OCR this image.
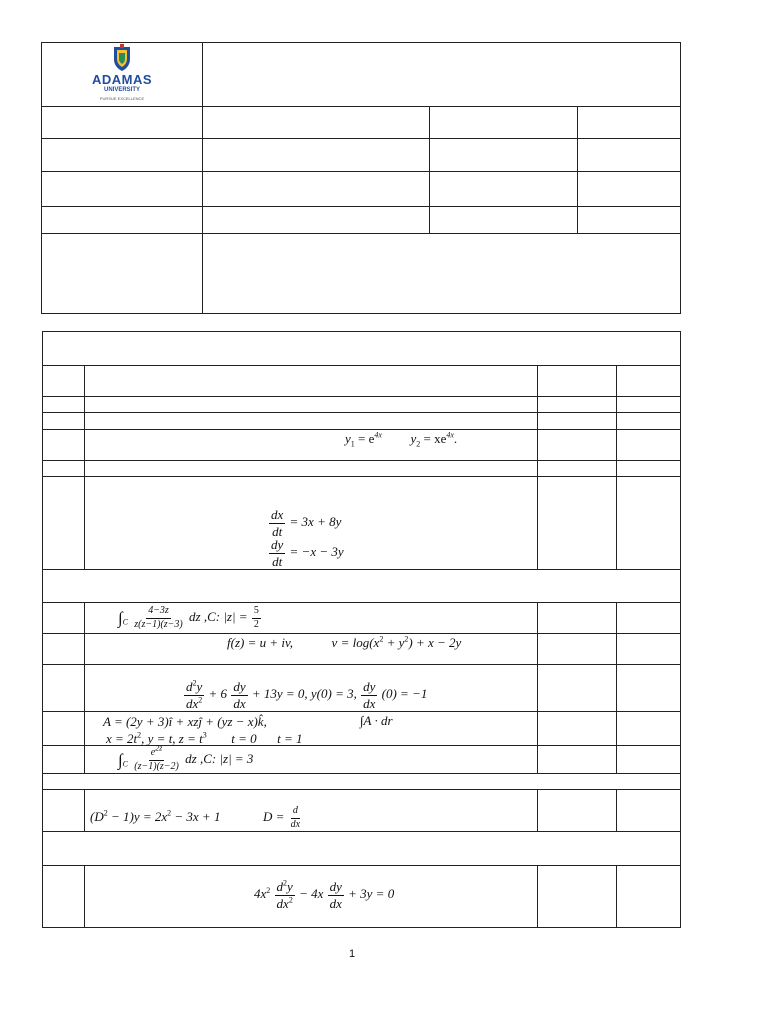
ADAMAS
UNIVERSITY
PURSUE EXCELLENCE
$y_1 = e^{4x}$ $y_2 = xe^{4x}$.
$\frac{dx}{dt} = 3x + 8y$
$\frac{dy}{dt} = -x - 3y$
$\int_C \frac{4-3z}{z(z-1)(z-3)}$ dz ,C: $|z| = \frac{5}{2}$
f(z) = u + iv,	$v = \log(x^2 + y^2) + x - 2y$
$\frac{d^2y}{dx^2} + 6 \frac{dy}{dx} + 13y = 0$, y(0) = 3, $\frac{dy}{dx} (0) = -1$
A = (2y + 3)î + xzĵ + (yz − x)k̂,	∫A · dr
$x = 2t^2$, y = t, $z = t^3$ t = 0 t = 1
$\int_C \frac{e^{2z}}{(z-1)(z-2)}$ dz ,C: |z| = 3
$(D^2 - 1)y = 2x^2 - 3x + 1$	$D = \frac{d}{dx}$
$4x^2 \frac{d^2y}{dx^2} - 4x \frac{dy}{dx} + 3y = 0$
1
